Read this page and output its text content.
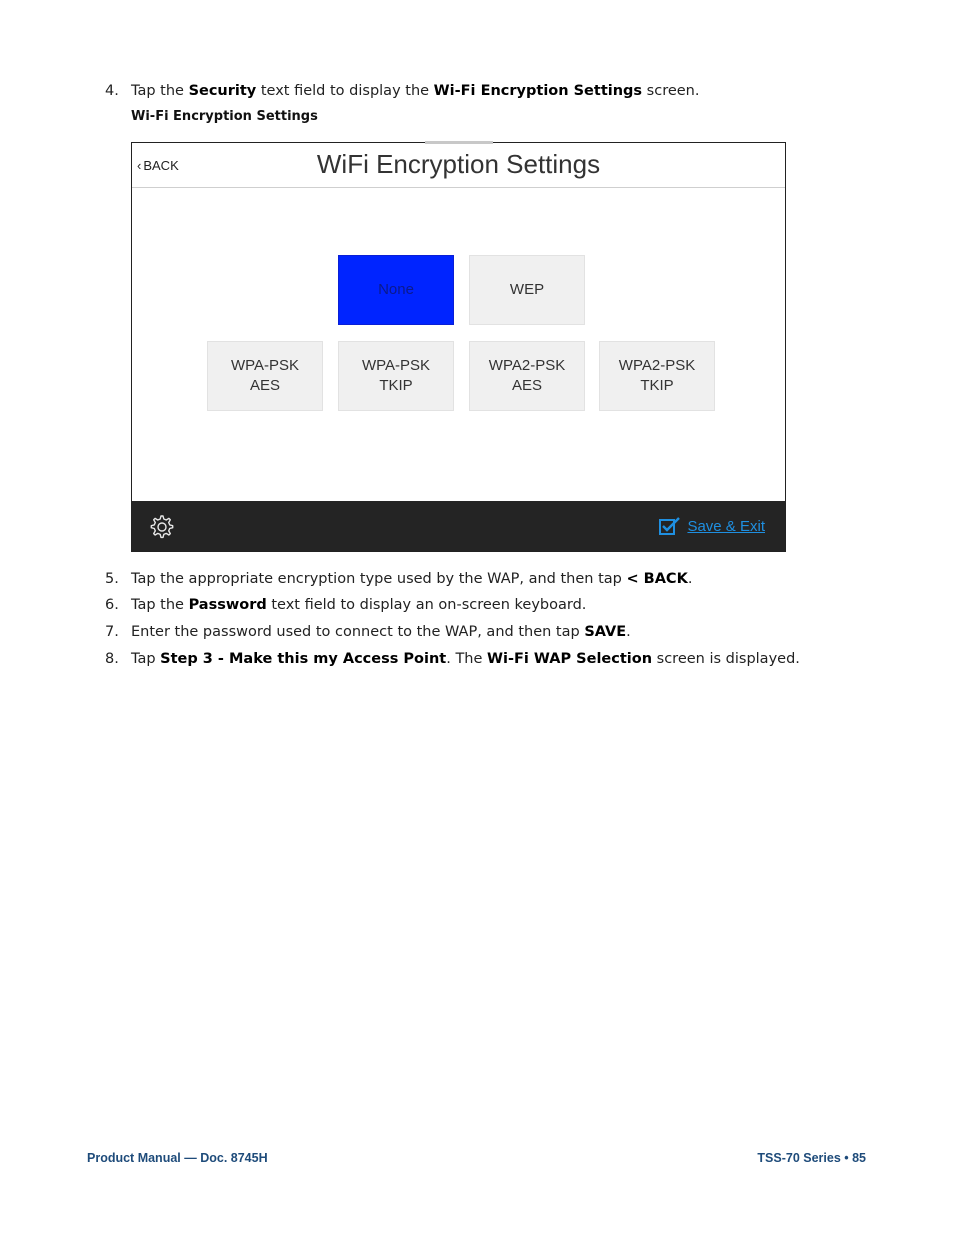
4. Tap the Security text field to display the Wi-Fi Encryption Settings screen.
Wi-Fi Encryption Settings
‹ BACK	WiFi Encryption Settings
None	WEP
WPA-PSK
AES
WPA-PSK
TKIP
WPA2-PSK
AES
WPA2-PSK
TKIP
Save & Exit
5. Tap the appropriate encryption type used by the WAP, and then tap < BACK.
6. Tap the Password text field to display an on-screen keyboard.
7. Enter the password used to connect to the WAP, and then tap SAVE.
8. Tap Step 3 - Make this my Access Point. The Wi-Fi WAP Selection screen is displayed.
Product Manual — Doc. 8745H	TSS-70 Series • 85
